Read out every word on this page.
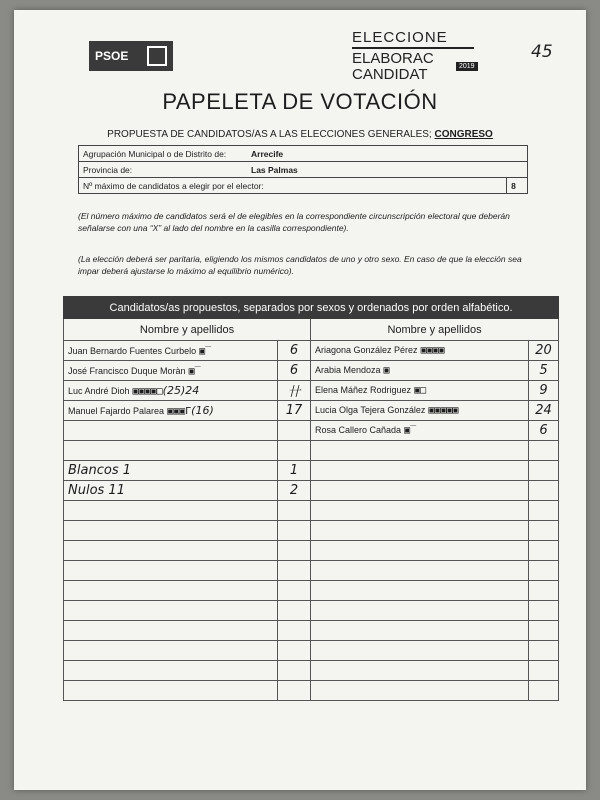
PSOE
ELECCIONE
ELABORAC
CANDIDAT	2019
45
PAPELETA DE VOTACIÓN
PROPUESTA DE CANDIDATOS/AS A LAS ELECCIONES GENERALES; CONGRESO
Agrupación Municipal o de Distrito de:	Arrecife	
Provincia de:	Las Palmas	
Nº máximo de candidatos a elegir por el elector:		8
(El número máximo de candidatos será el de elegibles en la correspondiente circunscripción electoral que deberán señalarse con una “X” al lado del nombre en la casilla correspondiente).
(La elección deberá ser paritaria, eligiendo los mismos candidatos de uno y otro sexo. En caso de que la elección sea impar deberá ajustarse lo máximo al equilibrio numérico).
Candidatos/as propuestos, separados por sexos y ordenados por orden alfabético.			
Nombre y apellidos		Nombre y apellidos	
Juan Bernardo Fuentes Curbelo ▣‾	6	Ariagona González Pérez ▣▣▣▣	20
José Francisco Duque Moràn ▣‾	6	Arabia Mendoza ▣	5
Luc André Dioh ▣▣▣▣□(25)24	卄	Elena Máñez Rodriguez ▣□	9
Manuel Fajardo Palarea ▣▣▣Γ(16)	17	Lucia Olga Tejera González ▣▣▣▣▣	24
		Rosa Callero Cañada ▣‾	6

Blancos 1	1		
Nulos 11	2		
